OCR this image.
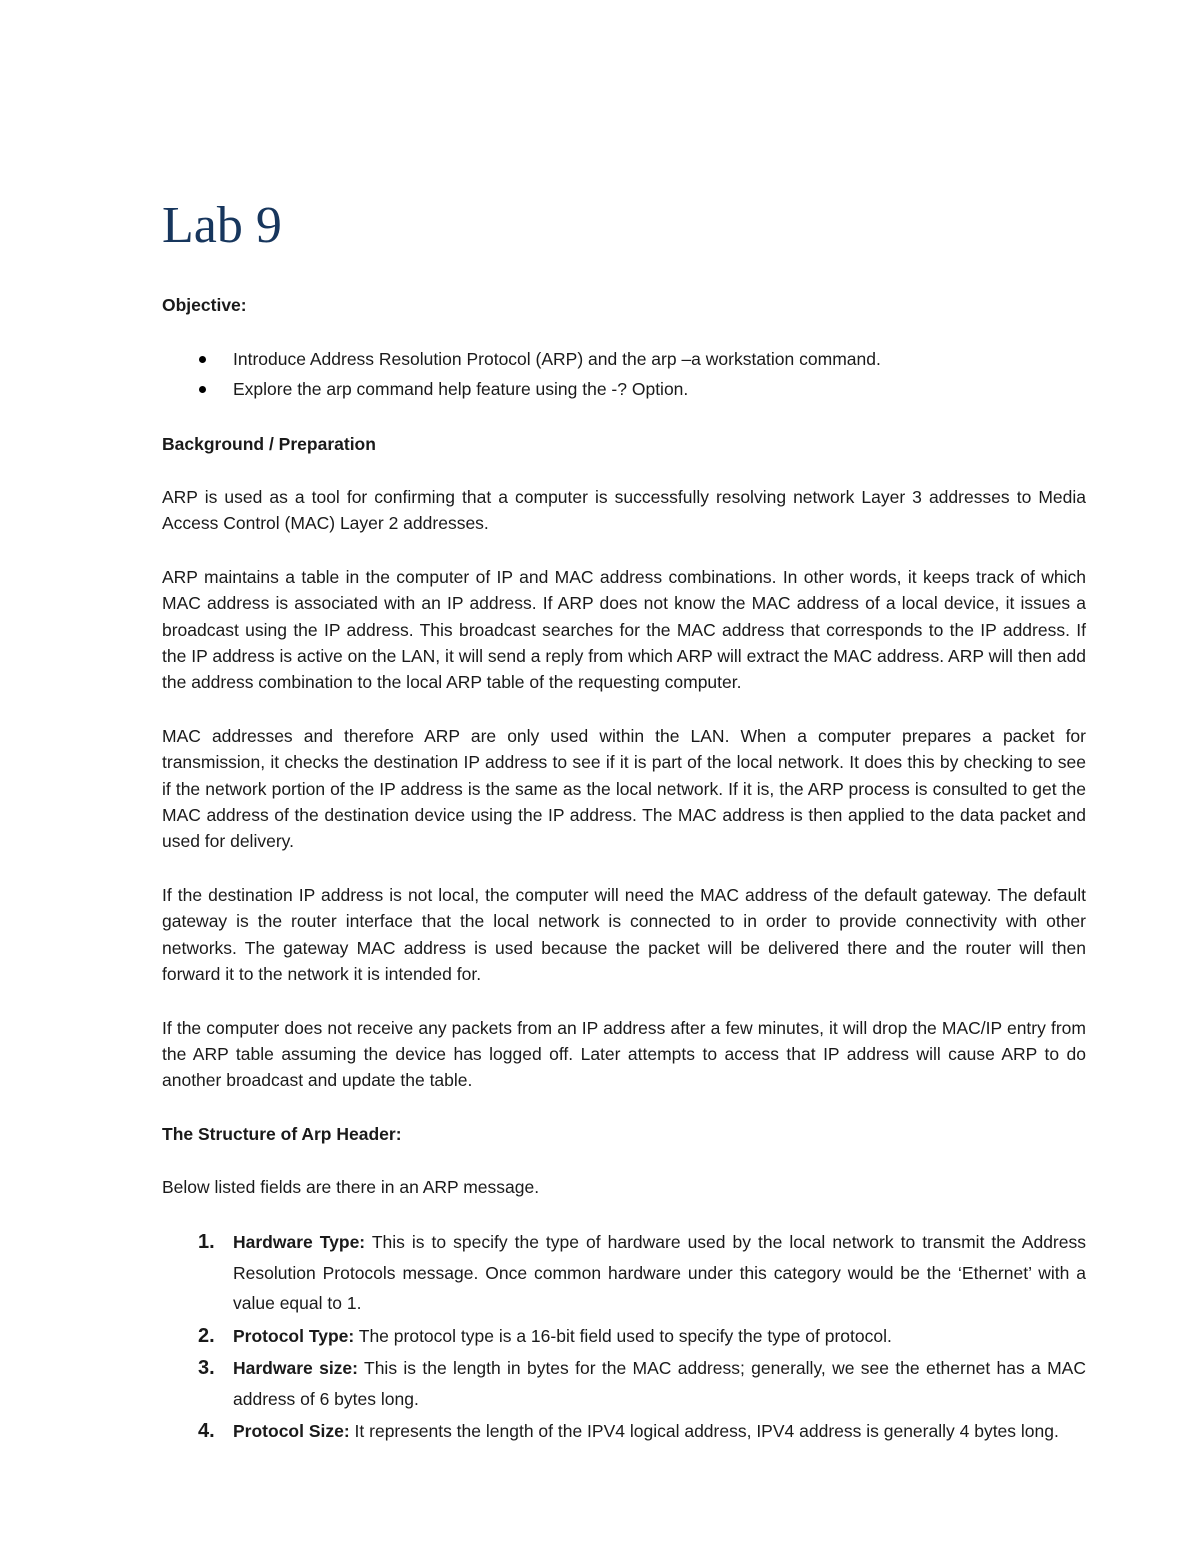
Lab 9

Objective:

Introduce Address Resolution Protocol (ARP) and the arp –a workstation command.
Explore the arp command help feature using the -? Option.

Background / Preparation

ARP is used as a tool for confirming that a computer is successfully resolving network Layer 3 addresses to Media Access Control (MAC) Layer 2 addresses.

ARP maintains a table in the computer of IP and MAC address combinations. In other words, it keeps track of which MAC address is associated with an IP address. If ARP does not know the MAC address of a local device, it issues a broadcast using the IP address. This broadcast searches for the MAC address that corresponds to the IP address. If the IP address is active on the LAN, it will send a reply from which ARP will extract the MAC address. ARP will then add the address combination to the local ARP table of the requesting computer.

MAC addresses and therefore ARP are only used within the LAN. When a computer prepares a packet for transmission, it checks the destination IP address to see if it is part of the local network. It does this by checking to see if the network portion of the IP address is the same as the local network. If it is, the ARP process is consulted to get the MAC address of the destination device using the IP address. The MAC address is then applied to the data packet and used for delivery.

If the destination IP address is not local, the computer will need the MAC address of the default gateway. The default gateway is the router interface that the local network is connected to in order to provide connectivity with other networks. The gateway MAC address is used because the packet will be delivered there and the router will then forward it to the network it is intended for.

If the computer does not receive any packets from an IP address after a few minutes, it will drop the MAC/IP entry from the ARP table assuming the device has logged off. Later attempts to access that IP address will cause ARP to do another broadcast and update the table.

The Structure of Arp Header:

Below listed fields are there in an ARP message.

1. Hardware Type: This is to specify the type of hardware used by the local network to transmit the Address Resolution Protocols message. Once common hardware under this category would be the ‘Ethernet’ with a value equal to 1.
2. Protocol Type: The protocol type is a 16-bit field used to specify the type of protocol.
3. Hardware size: This is the length in bytes for the MAC address; generally, we see the ethernet has a MAC address of 6 bytes long.
4. Protocol Size: It represents the length of the IPV4 logical address, IPV4 address is generally 4 bytes long.
